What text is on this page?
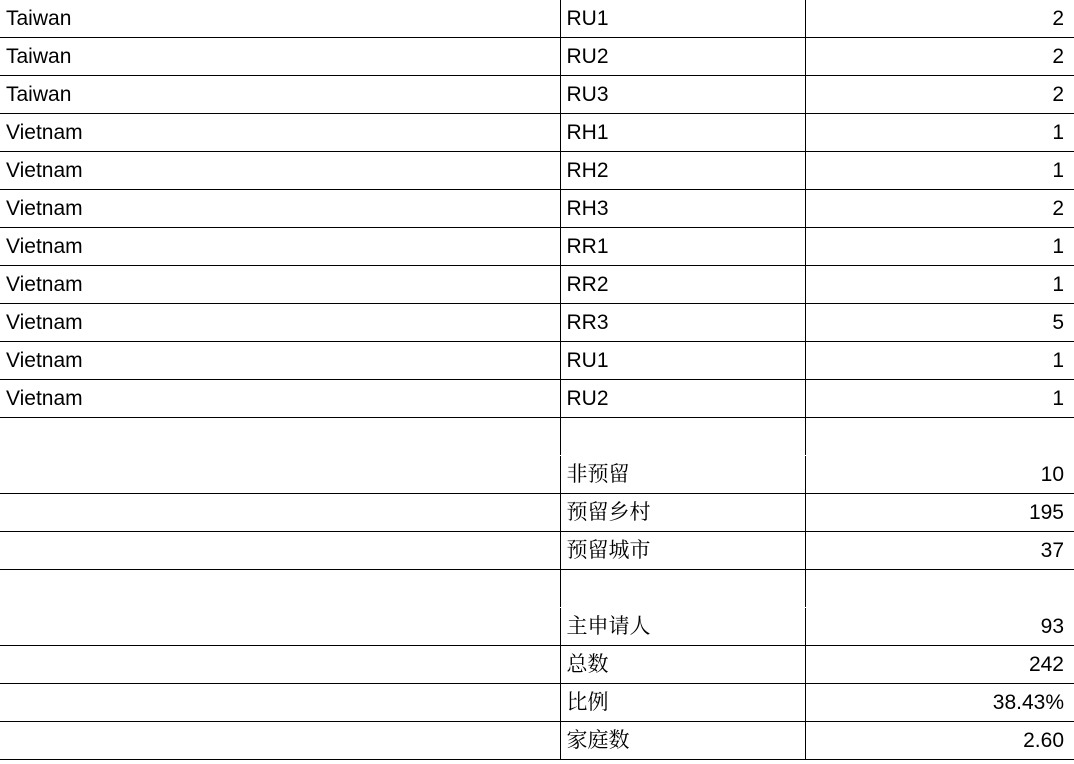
Taiwan	RU1	2
Taiwan	RU2	2
Taiwan	RU3	2
Vietnam	RH1	1
Vietnam	RH2	1
Vietnam	RH3	2
Vietnam	RR1	1
Vietnam	RR2	1
Vietnam	RR3	5
Vietnam	RU1	1
Vietnam	RU2	1

	非预留	10
	预留乡村	195
	预留城市	37

	主申请人	93
	总数	242
	比例	38.43%
	家庭数	2.60
